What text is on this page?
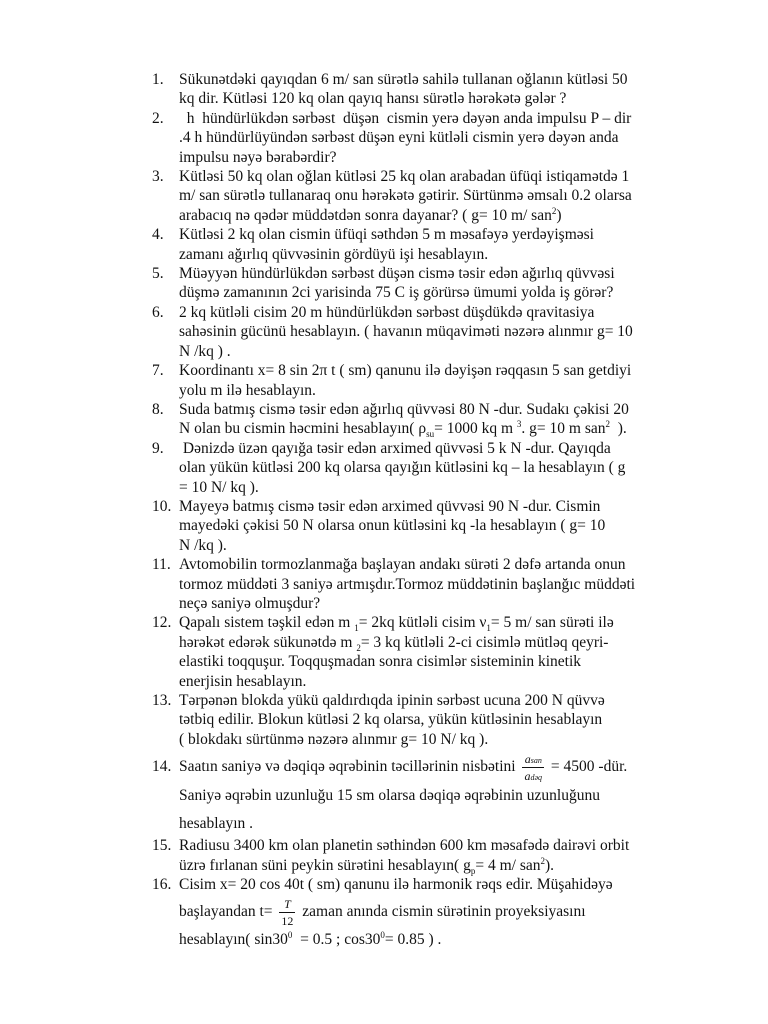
1. Sükunətdəki qayıqdan 6 m/ san sürətlə sahilə tullanan oğlanın kütləsi 50
kq dir. Kütləsi 120 kq olan qayıq hansı sürətlə hərəkətə gələr ?
2. h  hündürlükdən sərbəst  düşən  cismin yerə dəyən anda impulsu P – dir
.4 h hündürlüyündən sərbəst düşən eyni kütləli cismin yerə dəyən anda
impulsu nəyə bərabərdir?
3. Kütləsi 50 kq olan oğlan kütləsi 25 kq olan arabadan üfüqi istiqamətdə 1
m/ san sürətlə tullanaraq onu hərəkətə gətirir. Sürtünmə əmsalı 0.2 olarsa
arabacıq nə qədər müddətdən sonra dayanar? ( g= 10 m/ san$^2$)
4. Kütləsi 2 kq olan cismin üfüqi səthdən 5 m məsafəyə yerdəyişməsi
zamanı ağırlıq qüvvəsinin gördüyü işi hesablayın.
5. Müəyyən hündürlükdən sərbəst düşən cismə təsir edən ağırlıq qüvvəsi
düşmə zamanının 2ci yarisinda 75 C iş görürsə ümumi yolda iş görər?
6. 2 kq kütləli cisim 20 m hündürlükdən sərbəst düşdükdə qravitasiya
sahəsinin gücünü hesablayın. ( havanın müqaviməti nəzərə alınmır g= 10
N /kq ) .
7. Koordinantı x= 8 sin 2π t ( sm) qanunu ilə dəyişən rəqqasın 5 san getdiyi
yolu m ilə hesablayın.
8. Suda batmış cismə təsir edən ağırlıq qüvvəsi 80 N -dur. Sudakı çəkisi 20
N olan bu cismin həcmini hesablayın( $\rho_{su}= 1000$ kq m $^3$. g= 10 m san$^2$  ).
9. Dənizdə üzən qayığa təsir edən arximed qüvvəsi 5 k N -dur. Qayıqda
olan yükün kütləsi 200 kq olarsa qayığın kütləsini kq – la hesablayın ( g
= 10 N/ kq ).
10. Mayeyə batmış cismə təsir edən arximed qüvvəsi 90 N -dur. Cismin
mayedəki çəkisi 50 N olarsa onun kütləsini kq -la hesablayın ( g= 10
N /kq ).
11. Avtomobilin tormozlanmağa başlayan andakı sürəti 2 dəfə artanda onun
tormoz müddəti 3 saniyə artmışdır.Tormoz müddətinin başlanğıc müddəti
neçə saniyə olmuşdur?
12. Qapalı sistem təşkil edən m $_1$= 2kq kütləli cisim $\nu_1= 5$ m/ san sürəti ilə
hərəkət edərək sükunətdə m $_2$= 3 kq kütləli 2-ci cisimlə mütləq qeyri-
elastiki toqquşur. Toqquşmadan sonra cisimlər sisteminin kinetik
enerjisin hesablayın.
13. Tərpənən blokda yükü qaldırdıqda ipinin sərbəst ucuna 200 N qüvvə
tətbiq edilir. Blokun kütləsi 2 kq olarsa, yükün kütləsinin hesablayın
( blokdakı sürtünmə nəzərə alınmır g= 10 N/ kq ).
14. Saatın saniyə və dəqiqə əqrəbinin təcillərinin nisbətini $\frac{\text{asan}}{\text{adəq}} = 4500$ -dür.
Saniyə əqrəbin uzunluğu 15 sm olarsa dəqiqə əqrəbinin uzunluğunu
hesablayın .
15. Radiusu 3400 km olan planetin səthindən 600 km məsafədə dairəvi orbit
üzrə fırlanan süni peykin sürətini hesablayın( $g_p= 4$ m/ san$^2$).
16. Cisim x= 20 cos 40t ( sm) qanunu ilə harmonik rəqs edir. Müşahidəyə
başlayandan $t= \frac{T}{12}$ zaman anında cismin sürətinin proyeksiyasını
hesablayın( $\sin 30^0 = 0.5$ ; $\cos 30^0= 0.85$ ) .
